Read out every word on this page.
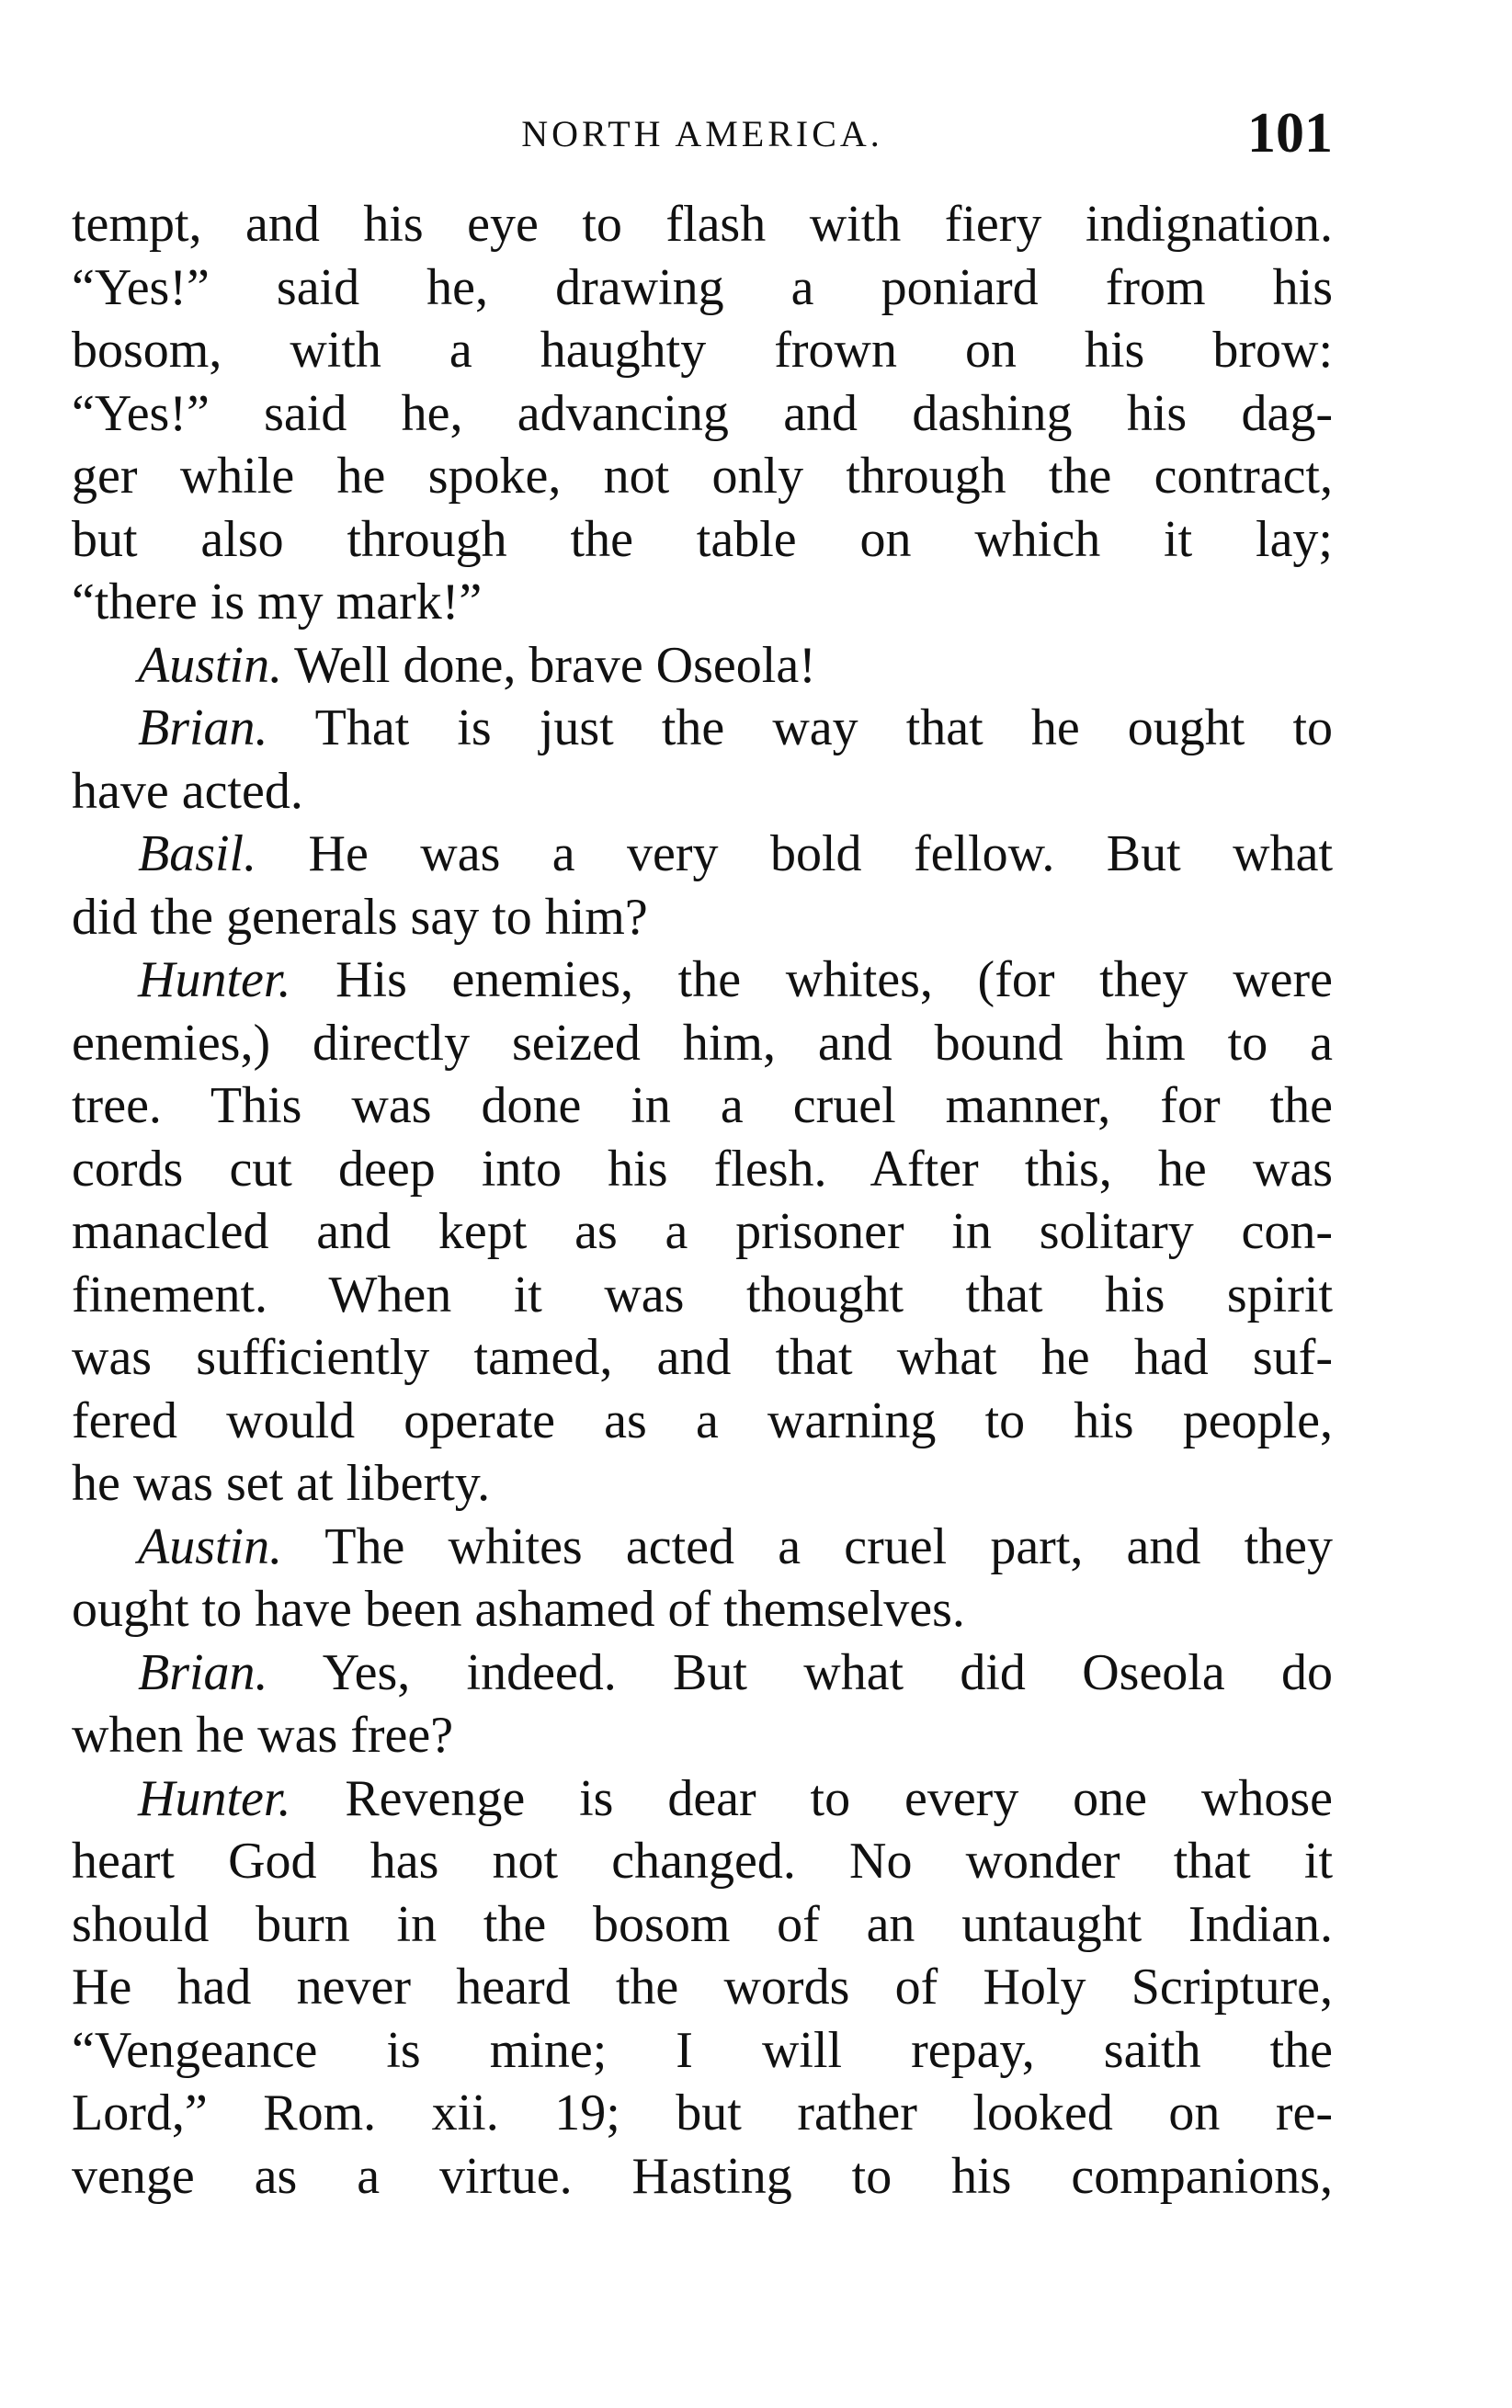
NORTH AMERICA.	101
tempt, and his eye to flash with fiery indignation.
“Yes!” said he, drawing a poniard from his
bosom, with a haughty frown on his brow:
“Yes!” said he, advancing and dashing his dag-
ger while he spoke, not only through the contract,
but also through the table on which it lay;
“there is my mark!”
Austin. Well done, brave Oseola!
Brian. That is just the way that he ought to
have acted.
Basil. He was a very bold fellow. But what
did the generals say to him?
Hunter. His enemies, the whites, (for they were
enemies,) directly seized him, and bound him to a
tree. This was done in a cruel manner, for the
cords cut deep into his flesh. After this, he was
manacled and kept as a prisoner in solitary con-
finement. When it was thought that his spirit
was sufficiently tamed, and that what he had suf-
fered would operate as a warning to his people,
he was set at liberty.
Austin. The whites acted a cruel part, and they
ought to have been ashamed of themselves.
Brian. Yes, indeed. But what did Oseola do
when he was free?
Hunter. Revenge is dear to every one whose
heart God has not changed. No wonder that it
should burn in the bosom of an untaught Indian.
He had never heard the words of Holy Scripture,
“Vengeance is mine; I will repay, saith the
Lord,” Rom. xii. 19; but rather looked on re-
venge as a virtue. Hasting to his companions,
